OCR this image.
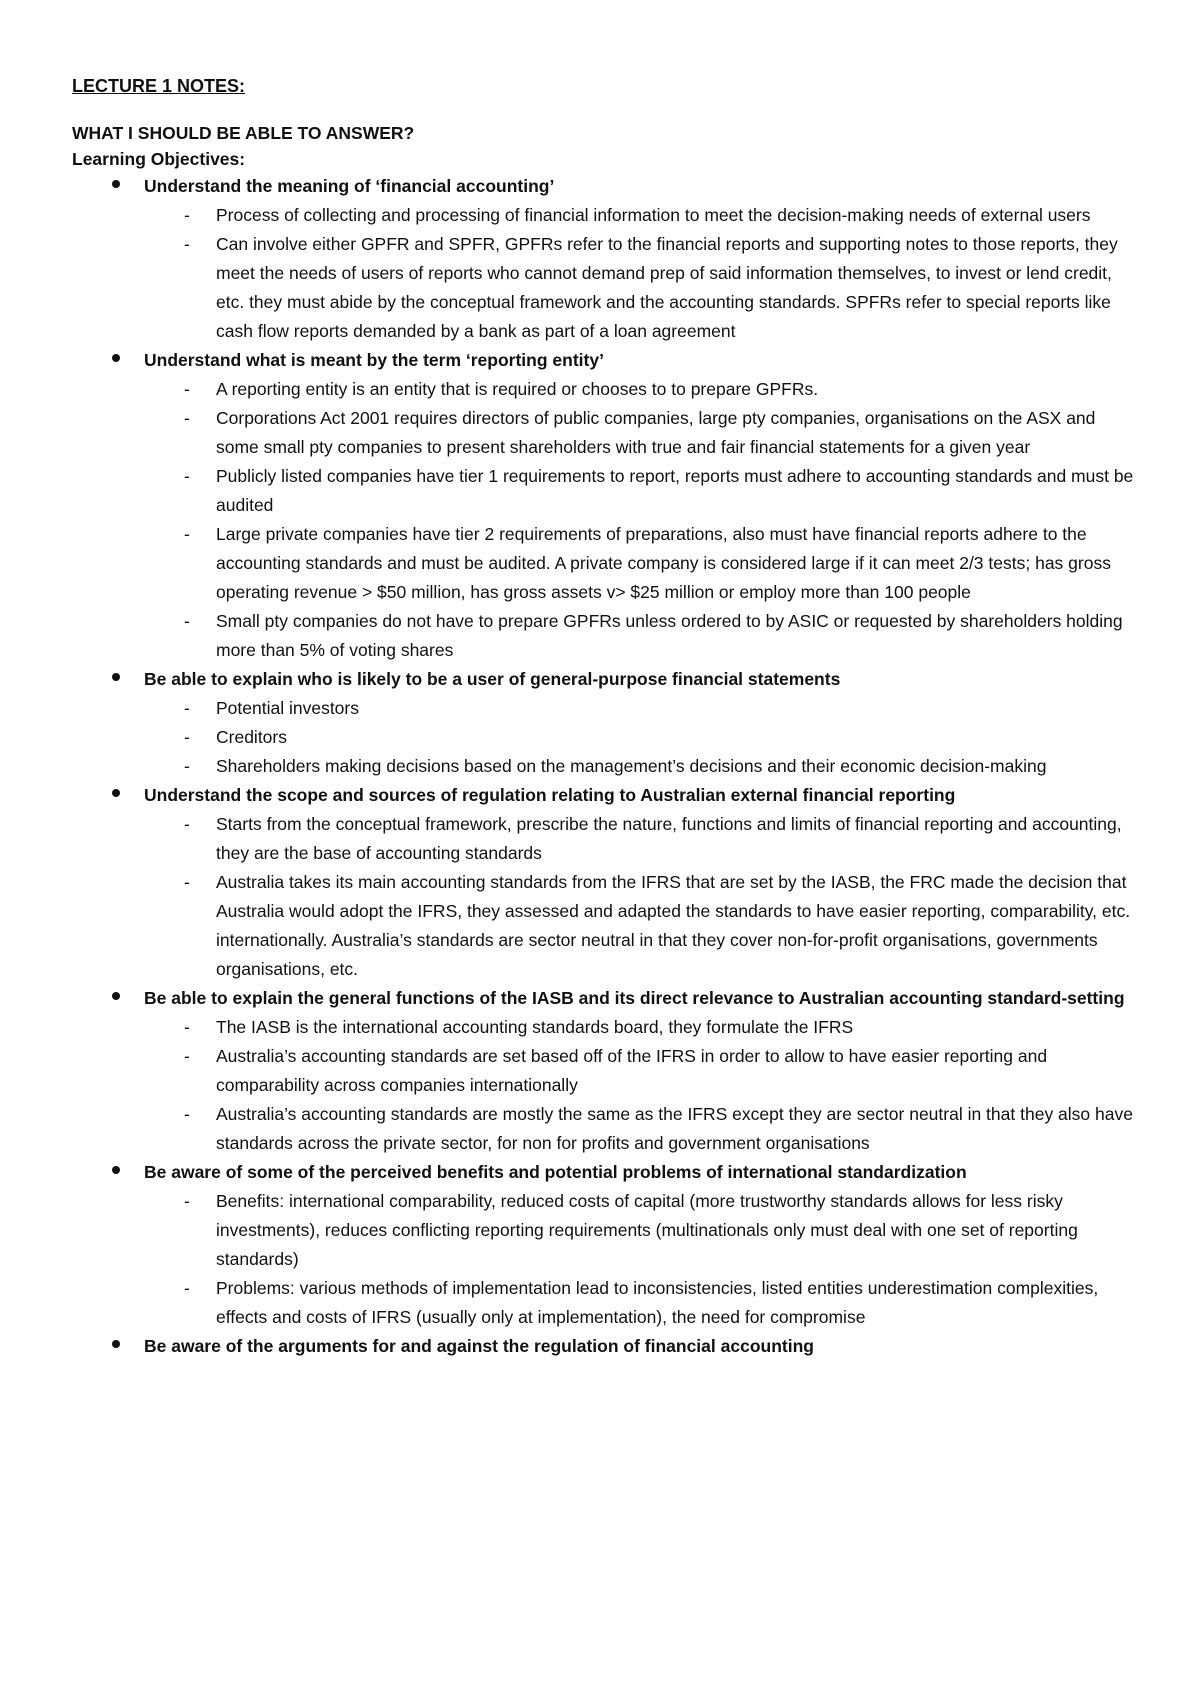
LECTURE 1 NOTES:
WHAT I SHOULD BE ABLE TO ANSWER?
Learning Objectives:
Understand the meaning of ‘financial accounting’
- Process of collecting and processing of financial information to meet the decision-making needs of external users
- Can involve either GPFR and SPFR, GPFRs refer to the financial reports and supporting notes to those reports, they meet the needs of users of reports who cannot demand prep of said information themselves, to invest or lend credit, etc. they must abide by the conceptual framework and the accounting standards. SPFRs refer to special reports like cash flow reports demanded by a bank as part of a loan agreement
Understand what is meant by the term ‘reporting entity’
- A reporting entity is an entity that is required or chooses to to prepare GPFRs.
- Corporations Act 2001 requires directors of public companies, large pty companies, organisations on the ASX and some small pty companies to present shareholders with true and fair financial statements for a given year
- Publicly listed companies have tier 1 requirements to report, reports must adhere to accounting standards and must be audited
- Large private companies have tier 2 requirements of preparations, also must have financial reports adhere to the accounting standards and must be audited. A private company is considered large if it can meet 2/3 tests; has gross operating revenue > $50 million, has gross assets v> $25 million or employ more than 100 people
- Small pty companies do not have to prepare GPFRs unless ordered to by ASIC or requested by shareholders holding more than 5% of voting shares
Be able to explain who is likely to be a user of general-purpose financial statements
- Potential investors
- Creditors
- Shareholders making decisions based on the management’s decisions and their economic decision-making
Understand the scope and sources of regulation relating to Australian external financial reporting
- Starts from the conceptual framework, prescribe the nature, functions and limits of financial reporting and accounting, they are the base of accounting standards
- Australia takes its main accounting standards from the IFRS that are set by the IASB, the FRC made the decision that Australia would adopt the IFRS, they assessed and adapted the standards to have easier reporting, comparability, etc. internationally. Australia’s standards are sector neutral in that they cover non-for-profit organisations, governments organisations, etc.
Be able to explain the general functions of the IASB and its direct relevance to Australian accounting standard-setting
- The IASB is the international accounting standards board, they formulate the IFRS
- Australia’s accounting standards are set based off of the IFRS in order to allow to have easier reporting and comparability across companies internationally
- Australia’s accounting standards are mostly the same as the IFRS except they are sector neutral in that they also have standards across the private sector, for non for profits and government organisations
Be aware of some of the perceived benefits and potential problems of international standardization
- Benefits: international comparability, reduced costs of capital (more trustworthy standards allows for less risky investments), reduces conflicting reporting requirements (multinationals only must deal with one set of reporting standards)
- Problems: various methods of implementation lead to inconsistencies, listed entities underestimation complexities, effects and costs of IFRS (usually only at implementation), the need for compromise
Be aware of the arguments for and against the regulation of financial accounting
